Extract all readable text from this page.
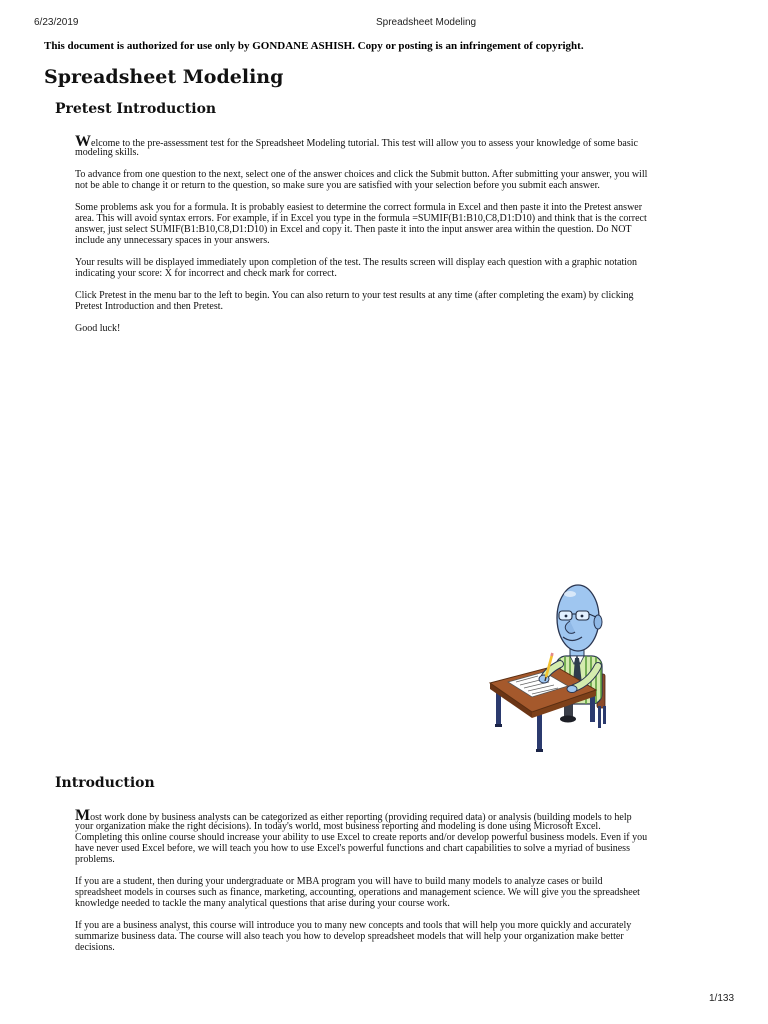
6/23/2019	Spreadsheet Modeling
This document is authorized for use only by GONDANE ASHISH. Copy or posting is an infringement of copyright.
Spreadsheet Modeling
Pretest Introduction
Welcome to the pre-assessment test for the Spreadsheet Modeling tutorial. This test will allow you to assess your knowledge of some basic
modeling skills.
To advance from one question to the next, select one of the answer choices and click the Submit button. After submitting your answer, you will
not be able to change it or return to the question, so make sure you are satisfied with your selection before you submit each answer.
Some problems ask you for a formula. It is probably easiest to determine the correct formula in Excel and then paste it into the Pretest answer
area. This will avoid syntax errors. For example, if in Excel you type in the formula =SUMIF(B1:B10,C8,D1:D10) and think that is the correct
answer, just select SUMIF(B1:B10,C8,D1:D10) in Excel and copy it. Then paste it into the input answer area within the question. Do NOT
include any unnecessary spaces in your answers.
Your results will be displayed immediately upon completion of the test. The results screen will display each question with a graphic notation
indicating your score: X for incorrect and check mark for correct.
Click Pretest in the menu bar to the left to begin. You can also return to your test results at any time (after completing the exam) by clicking
Pretest Introduction and then Pretest.
Good luck!
Introduction
Most work done by business analysts can be categorized as either reporting (providing required data) or analysis (building models to help
your organization make the right decisions). In today's world, most business reporting and modeling is done using Microsoft Excel.
Completing this online course should increase your ability to use Excel to create reports and/or develop powerful business models. Even if you
have never used Excel before, we will teach you how to use Excel's powerful functions and chart capabilities to solve a myriad of business
problems.
If you are a student, then during your undergraduate or MBA program you will have to build many models to analyze cases or build
spreadsheet models in courses such as finance, marketing, accounting, operations and management science. We will give you the spreadsheet
knowledge needed to tackle the many analytical questions that arise during your course work.
If you are a business analyst, this course will introduce you to many new concepts and tools that will help you more quickly and accurately
summarize business data. The course will also teach you how to develop spreadsheet models that will help your organization make better
decisions.
1/133
